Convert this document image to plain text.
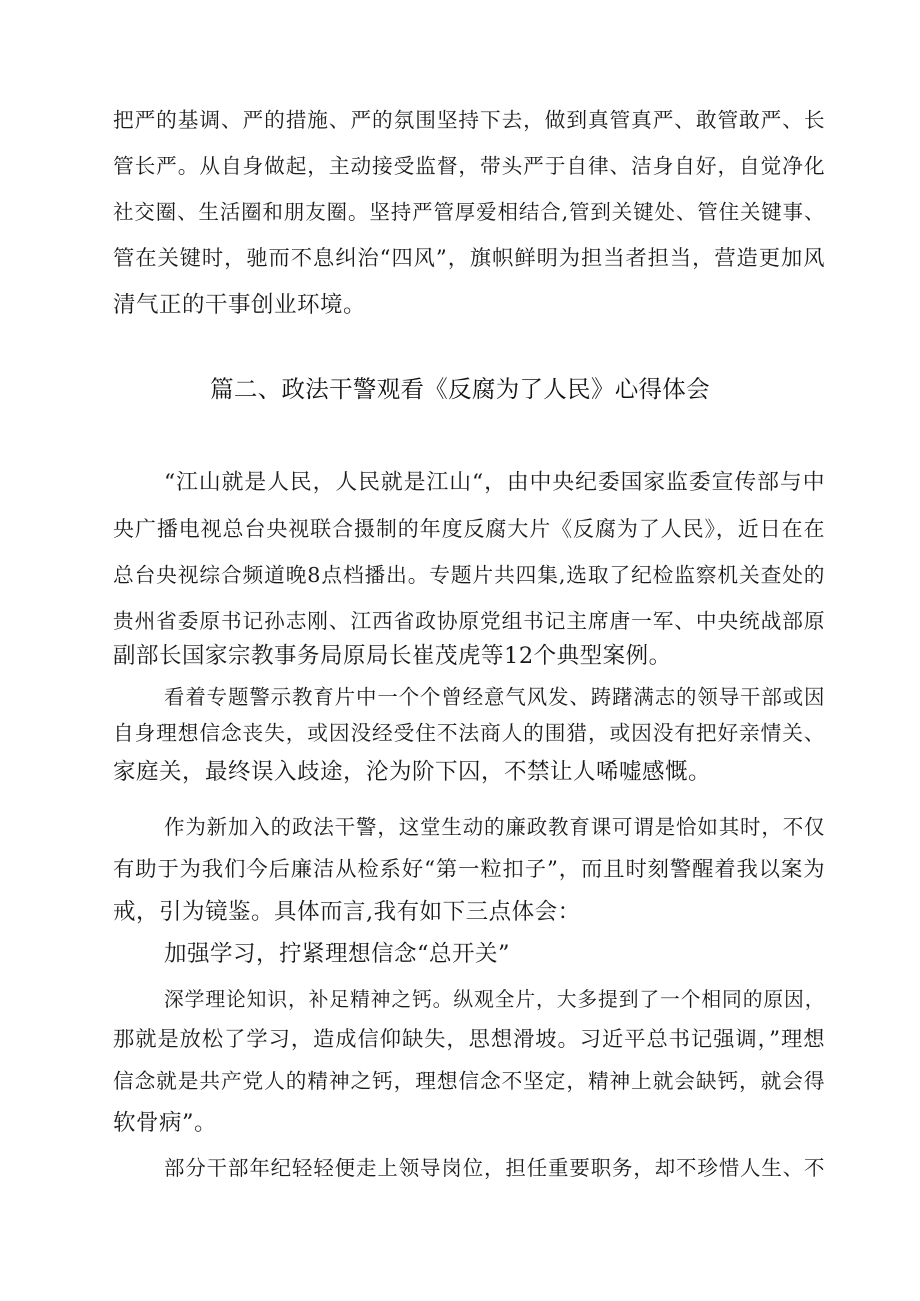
把严的基调、严的措施、严的氛围坚持下去，做到真管真严、敢管敢严、长
管长严。从自身做起，主动接受监督，带头严于自律、洁身自好，自觉净化
社交圈、生活圈和朋友圈。坚持严管厚爱相结合,管到关键处、管住关键事、
管在关键时，驰而不息纠治“四风”，旗帜鲜明为担当者担当，营造更加风
清气正的干事创业环境。
篇二、政法干警观看《反腐为了人民》心得体会
“江山就是人民，人民就是江山“，由中央纪委国家监委宣传部与中
央广播电视总台央视联合摄制的年度反腐大片《反腐为了人民》，近日在在
总台央视综合频道晚8点档播出。专题片共四集,选取了纪检监察机关查处的
贵州省委原书记孙志刚、江西省政协原党组书记主席唐一军、中央统战部原
副部长国家宗教事务局原局长崔茂虎等12个典型案例。
看着专题警示教育片中一个个曾经意气风发、踌躇满志的领导干部或因
自身理想信念丧失，或因没经受住不法商人的围猎，或因没有把好亲情关、
家庭关，最终误入歧途，沦为阶下囚，不禁让人唏嘘感慨。
作为新加入的政法干警，这堂生动的廉政教育课可谓是恰如其时，不仅
有助于为我们今后廉洁从检系好“第一粒扣子”，而且时刻警醒着我以案为
戒，引为镜鉴。具体而言,我有如下三点体会：
加强学习，拧紧理想信念“总开关”
深学理论知识，补足精神之钙。纵观全片，大多提到了一个相同的原因，
那就是放松了学习，造成信仰缺失，思想滑坡。习近平总书记强调，”理想
信念就是共产党人的精神之钙，理想信念不坚定，精神上就会缺钙，就会得
软骨病”。
部分干部年纪轻轻便走上领导岗位，担任重要职务，却不珍惜人生、不
